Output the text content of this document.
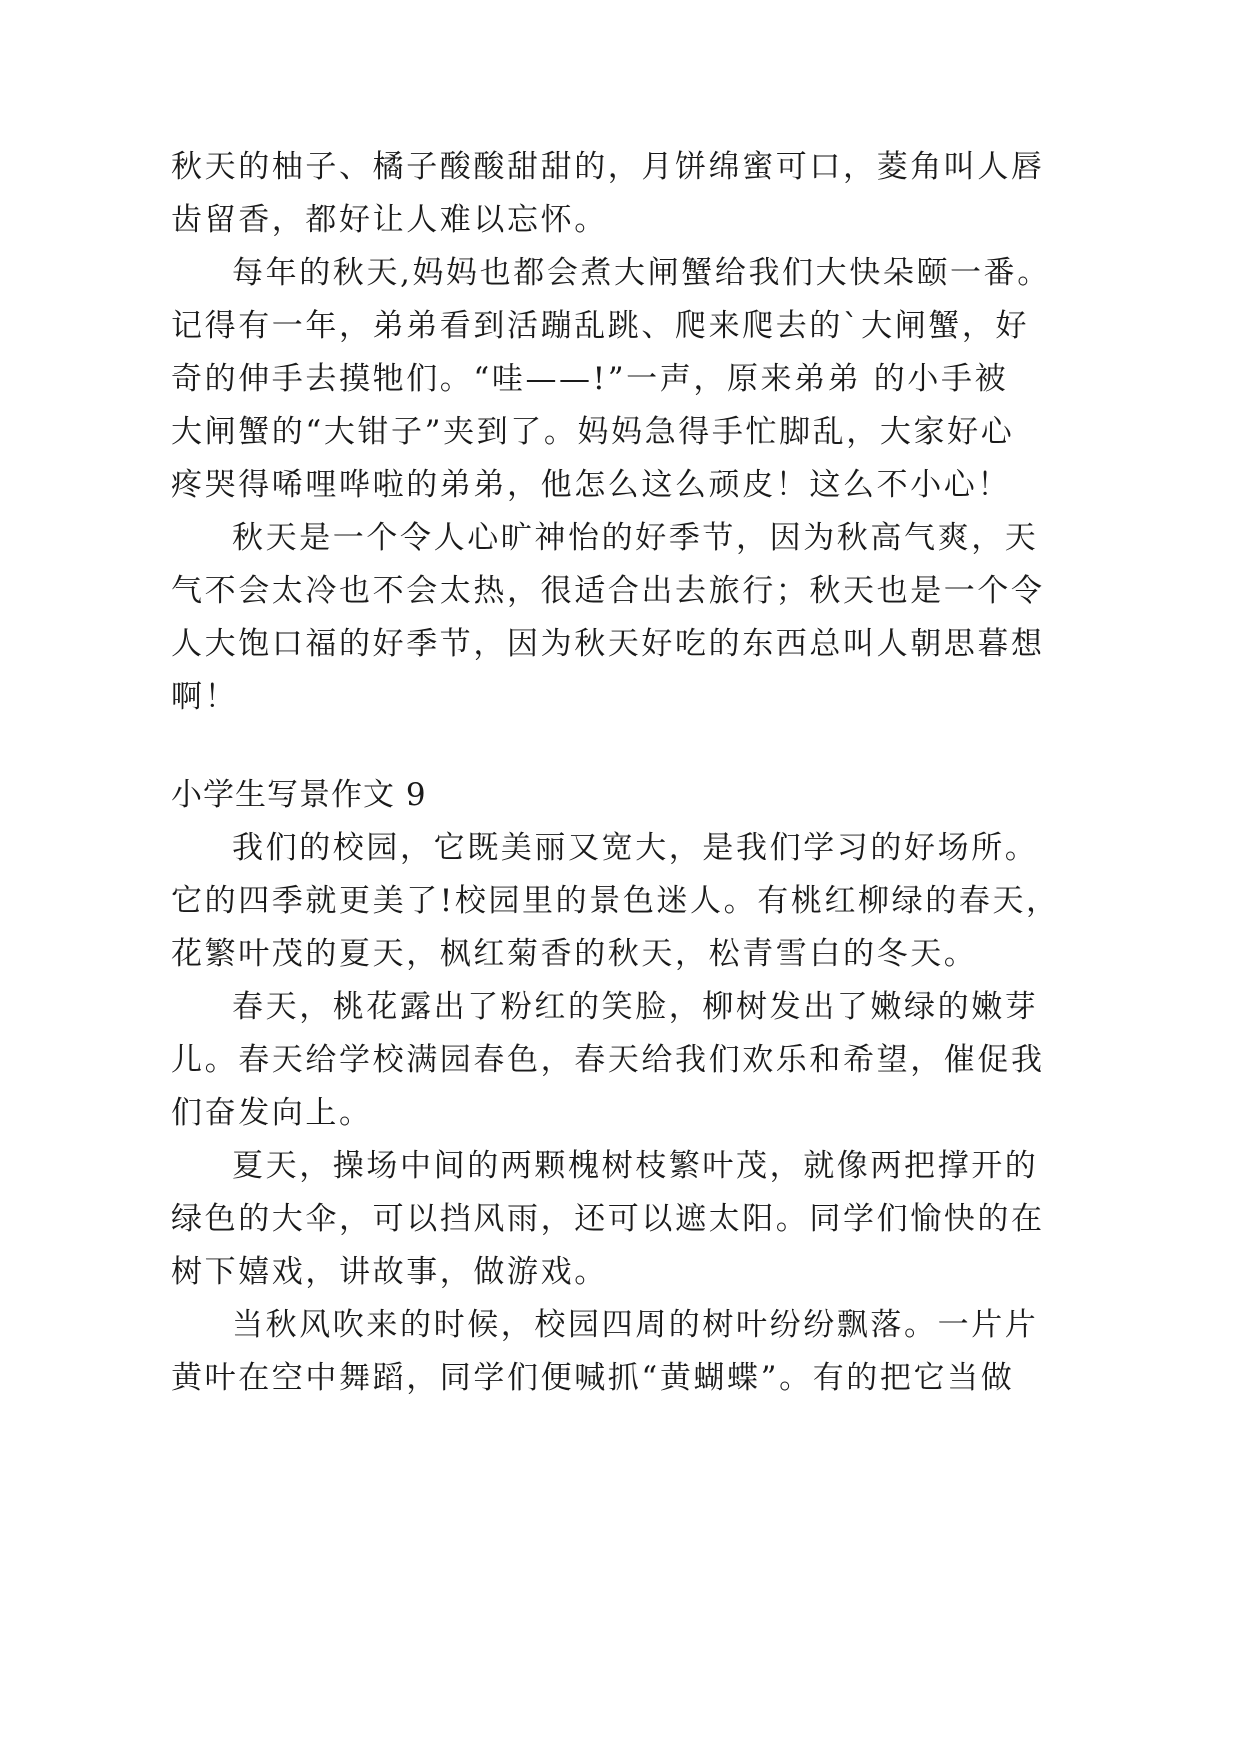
秋天的柚子、橘子酸酸甜甜的，月饼绵蜜可口，菱角叫人唇
齿留香，都好让人难以忘怀。
每年的秋天,妈妈也都会煮大闸蟹给我们大快朵颐一番。
记得有一年，弟弟看到活蹦乱跳、爬来爬去的`大闸蟹，好
奇的伸手去摸牠们。“哇——!”一声，原来弟弟 的小手被
大闸蟹的“大钳子”夹到了。妈妈急得手忙脚乱，大家好心
疼哭得唏哩哗啦的弟弟，他怎么这么顽皮！这么不小心！
秋天是一个令人心旷神怡的好季节，因为秋高气爽，天
气不会太冷也不会太热，很适合出去旅行；秋天也是一个令
人大饱口福的好季节，因为秋天好吃的东西总叫人朝思暮想
啊！
小学生写景作文 9
我们的校园，它既美丽又宽大，是我们学习的好场所。
它的四季就更美了!校园里的景色迷人。有桃红柳绿的春天，
花繁叶茂的夏天，枫红菊香的秋天，松青雪白的冬天。
春天，桃花露出了粉红的笑脸，柳树发出了嫩绿的嫩芽
儿。春天给学校满园春色，春天给我们欢乐和希望，催促我
们奋发向上。
夏天，操场中间的两颗槐树枝繁叶茂，就像两把撑开的
绿色的大伞，可以挡风雨，还可以遮太阳。同学们愉快的在
树下嬉戏，讲故事，做游戏。
当秋风吹来的时候，校园四周的树叶纷纷飘落。一片片
黄叶在空中舞蹈，同学们便喊抓“黄蝴蝶”。有的把它当做
